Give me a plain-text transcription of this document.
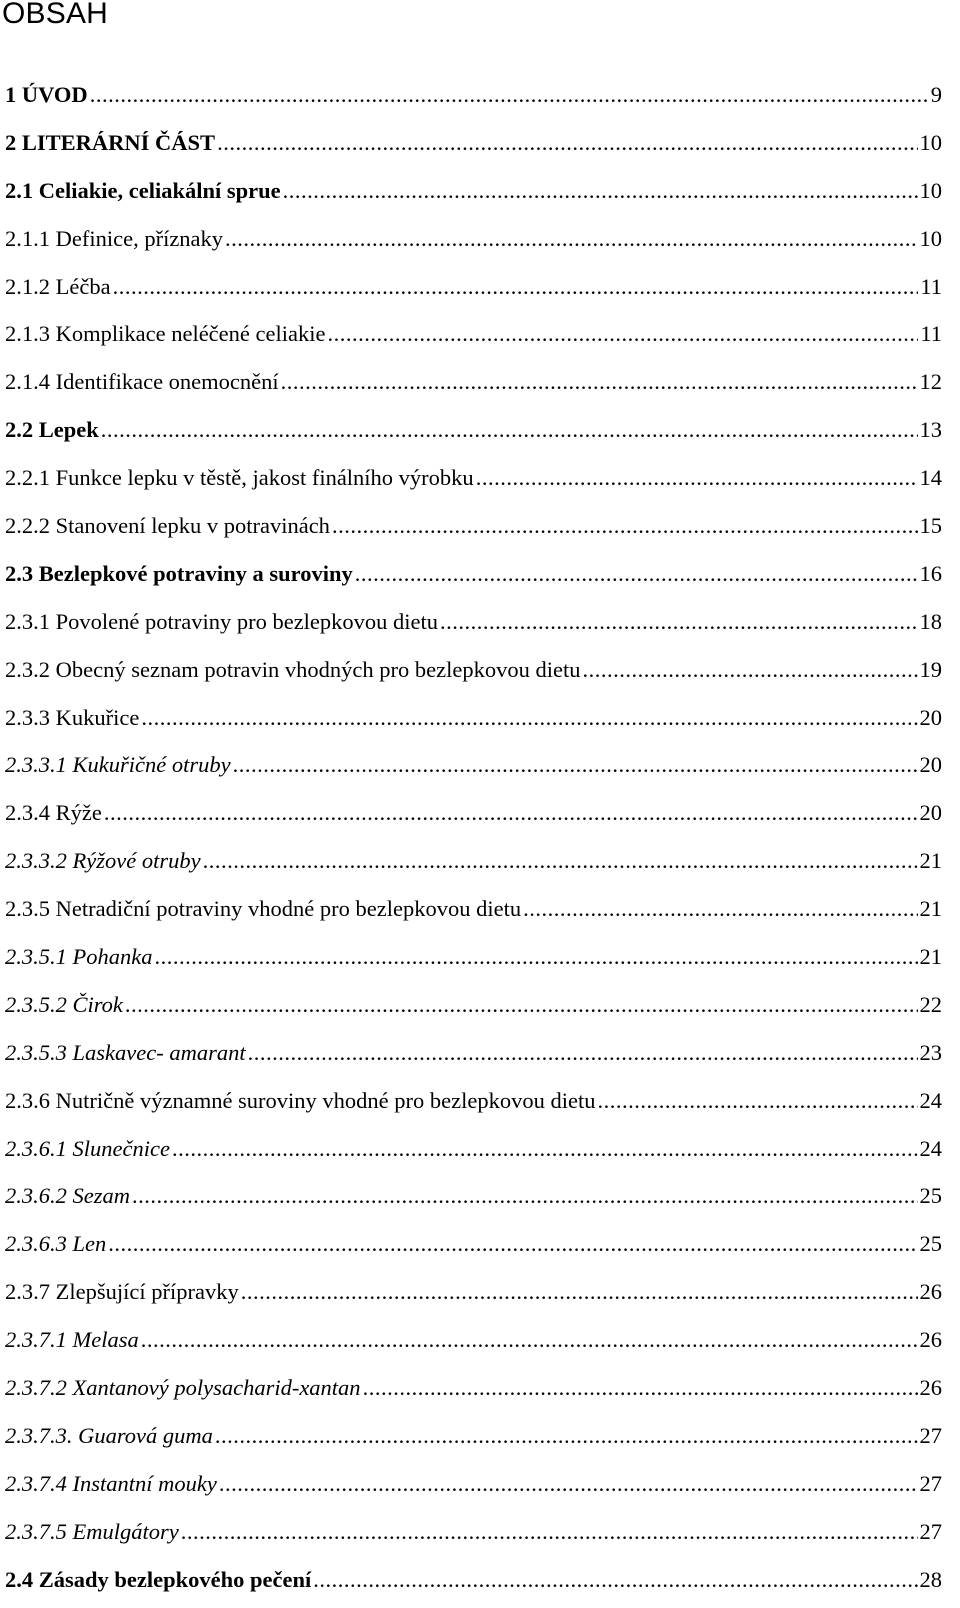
OBSAH
1 ÚVOD .....	9
2 LITERÁRNÍ ČÁST .....	10
2.1 Celiakie, celiakální sprue .....	10
2.1.1 Definice, příznaky .....	10
2.1.2 Léčba .....	11
2.1.3 Komplikace neléčené celiakie .....	11
2.1.4 Identifikace onemocnění .....	12
2.2 Lepek .....	13
2.2.1 Funkce lepku v těstě, jakost finálního výrobku .....	14
2.2.2 Stanovení lepku v potravinách .....	15
2.3 Bezlepkové potraviny a suroviny .....	16
2.3.1 Povolené potraviny pro bezlepkovou dietu .....	18
2.3.2 Obecný seznam potravin vhodných pro bezlepkovou dietu .....	19
2.3.3 Kukuřice .....	20
2.3.3.1 Kukuřičné otruby .....	20
2.3.4 Rýže .....	20
2.3.3.2 Rýžové otruby .....	21
2.3.5 Netradiční potraviny vhodné pro bezlepkovou dietu .....	21
2.3.5.1 Pohanka .....	21
2.3.5.2 Čirok .....	22
2.3.5.3 Laskavec- amarant .....	23
2.3.6 Nutričně významné suroviny vhodné pro bezlepkovou dietu .....	24
2.3.6.1 Slunečnice .....	24
2.3.6.2 Sezam .....	25
2.3.6.3 Len .....	25
2.3.7 Zlepšující přípravky .....	26
2.3.7.1 Melasa .....	26
2.3.7.2 Xantanový polysacharid-xantan .....	26
2.3.7.3. Guarová guma .....	27
2.3.7.4 Instantní mouky .....	27
2.3.7.5 Emulgátory .....	27
2.4 Zásady bezlepkového pečení .....	28
